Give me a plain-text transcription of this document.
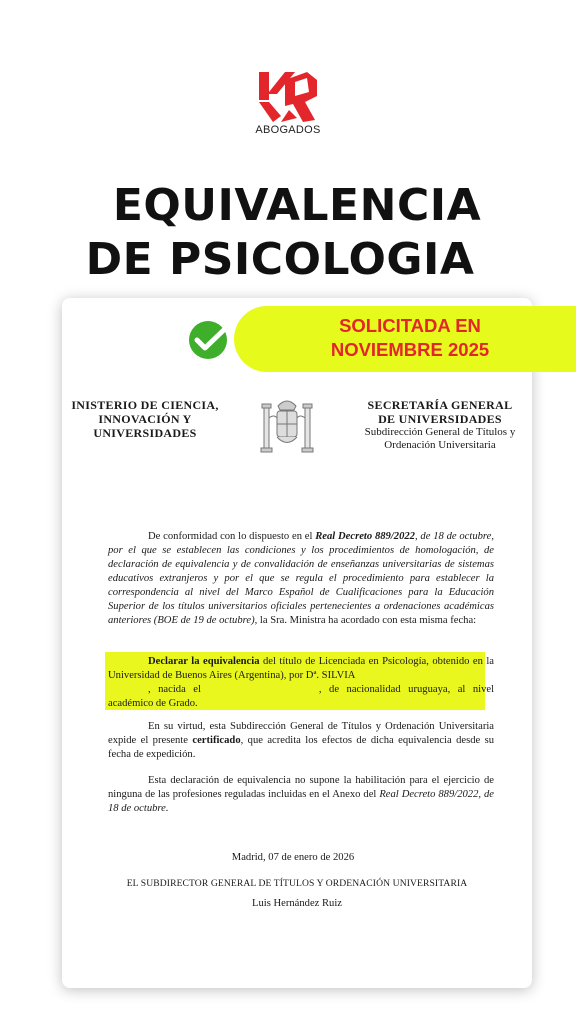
ABOGADOS
EQUIVALENCIA
DE PSICOLOGIA
SOLICITADA EN
NOVIEMBRE 2025
INISTERIO DE CIENCIA,
INNOVACIÓN Y
UNIVERSIDADES
SECRETARÍA GENERAL
DE UNIVERSIDADES
Subdirección General de Títulos y
Ordenación Universitaria
De conformidad con lo dispuesto en el Real Decreto 889/2022, de 18 de octubre, por el que se establecen las condiciones y los procedimientos de homologación, de declaración de equivalencia y de convalidación de enseñanzas universitarias de sistemas educativos extranjeros y por el que se regula el procedimiento para establecer la correspondencia al nivel del Marco Español de Cualificaciones para la Educación Superior de los títulos universitarios oficiales pertenecientes a ordenaciones académicas anteriores (BOE de 19 de octubre), la Sra. Ministra ha acordado con esta misma fecha:
Declarar la equivalencia del título de Licenciada en Psicología, obtenido en la Universidad de Buenos Aires (Argentina), por Dª. SILVIA
, nacida el	, de nacionalidad uruguaya, al nivel académico de Grado.
En su virtud, esta Subdirección General de Títulos y Ordenación Universitaria expide el presente certificado, que acredita los efectos de dicha equivalencia desde su fecha de expedición.
Esta declaración de equivalencia no supone la habilitación para el ejercicio de ninguna de las profesiones reguladas incluidas en el Anexo del Real Decreto 889/2022, de 18 de octubre.
Madrid, 07 de enero de 2026
EL SUBDIRECTOR GENERAL DE TÍTULOS Y ORDENACIÓN UNIVERSITARIA
Luis Hernández Ruiz
